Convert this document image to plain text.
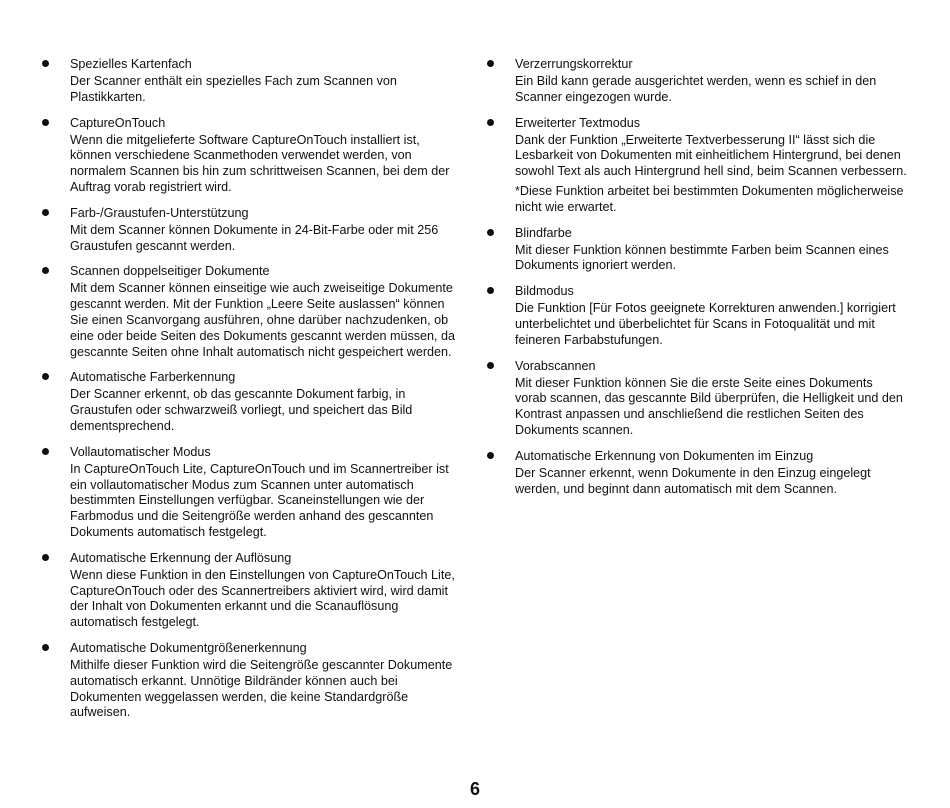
Spezielles Kartenfach

Der Scanner enthält ein spezielles Fach zum Scannen von Plastikkarten.

CaptureOnTouch

Wenn die mitgelieferte Software CaptureOnTouch installiert ist, können verschiedene Scanmethoden verwendet werden, von normalem Scannen bis hin zum schrittweisen Scannen, bei dem der Auftrag vorab registriert wird.

Farb-/Graustufen-Unterstützung

Mit dem Scanner können Dokumente in 24-Bit-Farbe oder mit 256 Graustufen gescannt werden.

Scannen doppelseitiger Dokumente

Mit dem Scanner können einseitige wie auch zweiseitige Dokumente gescannt werden. Mit der Funktion „Leere Seite auslassen“ können Sie einen Scanvorgang ausführen, ohne darüber nachzudenken, ob eine oder beide Seiten des Dokuments gescannt werden müssen, da gescannte Seiten ohne Inhalt automatisch nicht gespeichert werden.

Automatische Farberkennung

Der Scanner erkennt, ob das gescannte Dokument farbig, in Graustufen oder schwarzweiß vorliegt, und speichert das Bild dementsprechend.

Vollautomatischer Modus

In CaptureOnTouch Lite, CaptureOnTouch und im Scannertreiber ist ein vollautomatischer Modus zum Scannen unter automatisch bestimmten Einstellungen verfügbar. Scaneinstellungen wie der Farbmodus und die Seitengröße werden anhand des gescannten Dokuments automatisch festgelegt.

Automatische Erkennung der Auflösung

Wenn diese Funktion in den Einstellungen von CaptureOnTouch Lite, CaptureOnTouch oder des Scannertreibers aktiviert wird, wird damit der Inhalt von Dokumenten erkannt und die Scanauflösung automatisch festgelegt.

Automatische Dokumentgrößenerkennung

Mithilfe dieser Funktion wird die Seitengröße gescannter Dokumente automatisch erkannt. Unnötige Bildränder können auch bei Dokumenten weggelassen werden, die keine Standardgröße aufweisen.

Verzerrungskorrektur

Ein Bild kann gerade ausgerichtet werden, wenn es schief in den Scanner eingezogen wurde.

Erweiterter Textmodus

Dank der Funktion „Erweiterte Textverbesserung II“ lässt sich die Lesbarkeit von Dokumenten mit einheitlichem Hintergrund, bei denen sowohl Text als auch Hintergrund hell sind, beim Scannen verbessern.

*Diese Funktion arbeitet bei bestimmten Dokumenten möglicherweise nicht wie erwartet.

Blindfarbe

Mit dieser Funktion können bestimmte Farben beim Scannen eines Dokuments ignoriert werden.

Bildmodus

Die Funktion [Für Fotos geeignete Korrekturen anwenden.] korrigiert unterbelichtet und überbelichtet für Scans in Fotoqualität und mit feineren Farbabstufungen.

Vorabscannen

Mit dieser Funktion können Sie die erste Seite eines Dokuments vorab scannen, das gescannte Bild überprüfen, die Helligkeit und den Kontrast anpassen und anschließend die restlichen Seiten des Dokuments scannen.

Automatische Erkennung von Dokumenten im Einzug

Der Scanner erkennt, wenn Dokumente in den Einzug eingelegt werden, und beginnt dann automatisch mit dem Scannen.

6
